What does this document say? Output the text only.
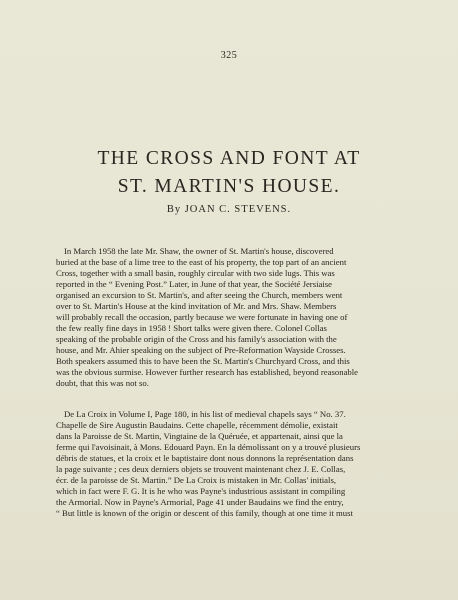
325
THE CROSS AND FONT AT
ST. MARTIN'S HOUSE.
By JOAN C. STEVENS.
In March 1958 the late Mr. Shaw, the owner of St. Martin's house, discovered
buried at the base of a lime tree to the east of his property, the top part of an ancient
Cross, together with a small basin, roughly circular with two side lugs. This was
reported in the “ Evening Post.” Later, in June of that year, the Société Jersiaise
organised an excursion to St. Martin's, and after seeing the Church, members went
over to St. Martin's House at the kind invitation of Mr. and Mrs. Shaw. Members
will probably recall the occasion, partly because we were fortunate in having one of
the few really fine days in 1958 ! Short talks were given there. Colonel Collas
speaking of the probable origin of the Cross and his family's association with the
house, and Mr. Ahier speaking on the subject of Pre-Reformation Wayside Crosses.
Both speakers assumed this to have been the St. Martin's Churchyard Cross, and this
was the obvious surmise. However further research has established, beyond reasonable
doubt, that this was not so.
De La Croix in Volume I, Page 180, in his list of medieval chapels says “ No. 37.
Chapelle de Sire Augustin Baudains. Cette chapelle, récemment démolie, existait
dans la Paroisse de St. Martin, Vingtaine de la Quéruée, et appartenait, ainsi que la
ferme qui l'avoisinait, à Mons. Edouard Payn. En la démolissant on y a trouvé plusieurs
débris de statues, et la croix et le baptistaire dont nous donnons la représentation dans
la page suivante ; ces deux derniers objets se trouvent maintenant chez J. E. Collas,
écr. de la paroisse de St. Martin.” De La Croix is mistaken in Mr. Collas' initials,
which in fact were F. G. It is he who was Payne's industrious assistant in compiling
the Armorial. Now in Payne's Armorial, Page 41 under Baudains we find the entry,
“ But little is known of the origin or descent of this family, though at one time it must
